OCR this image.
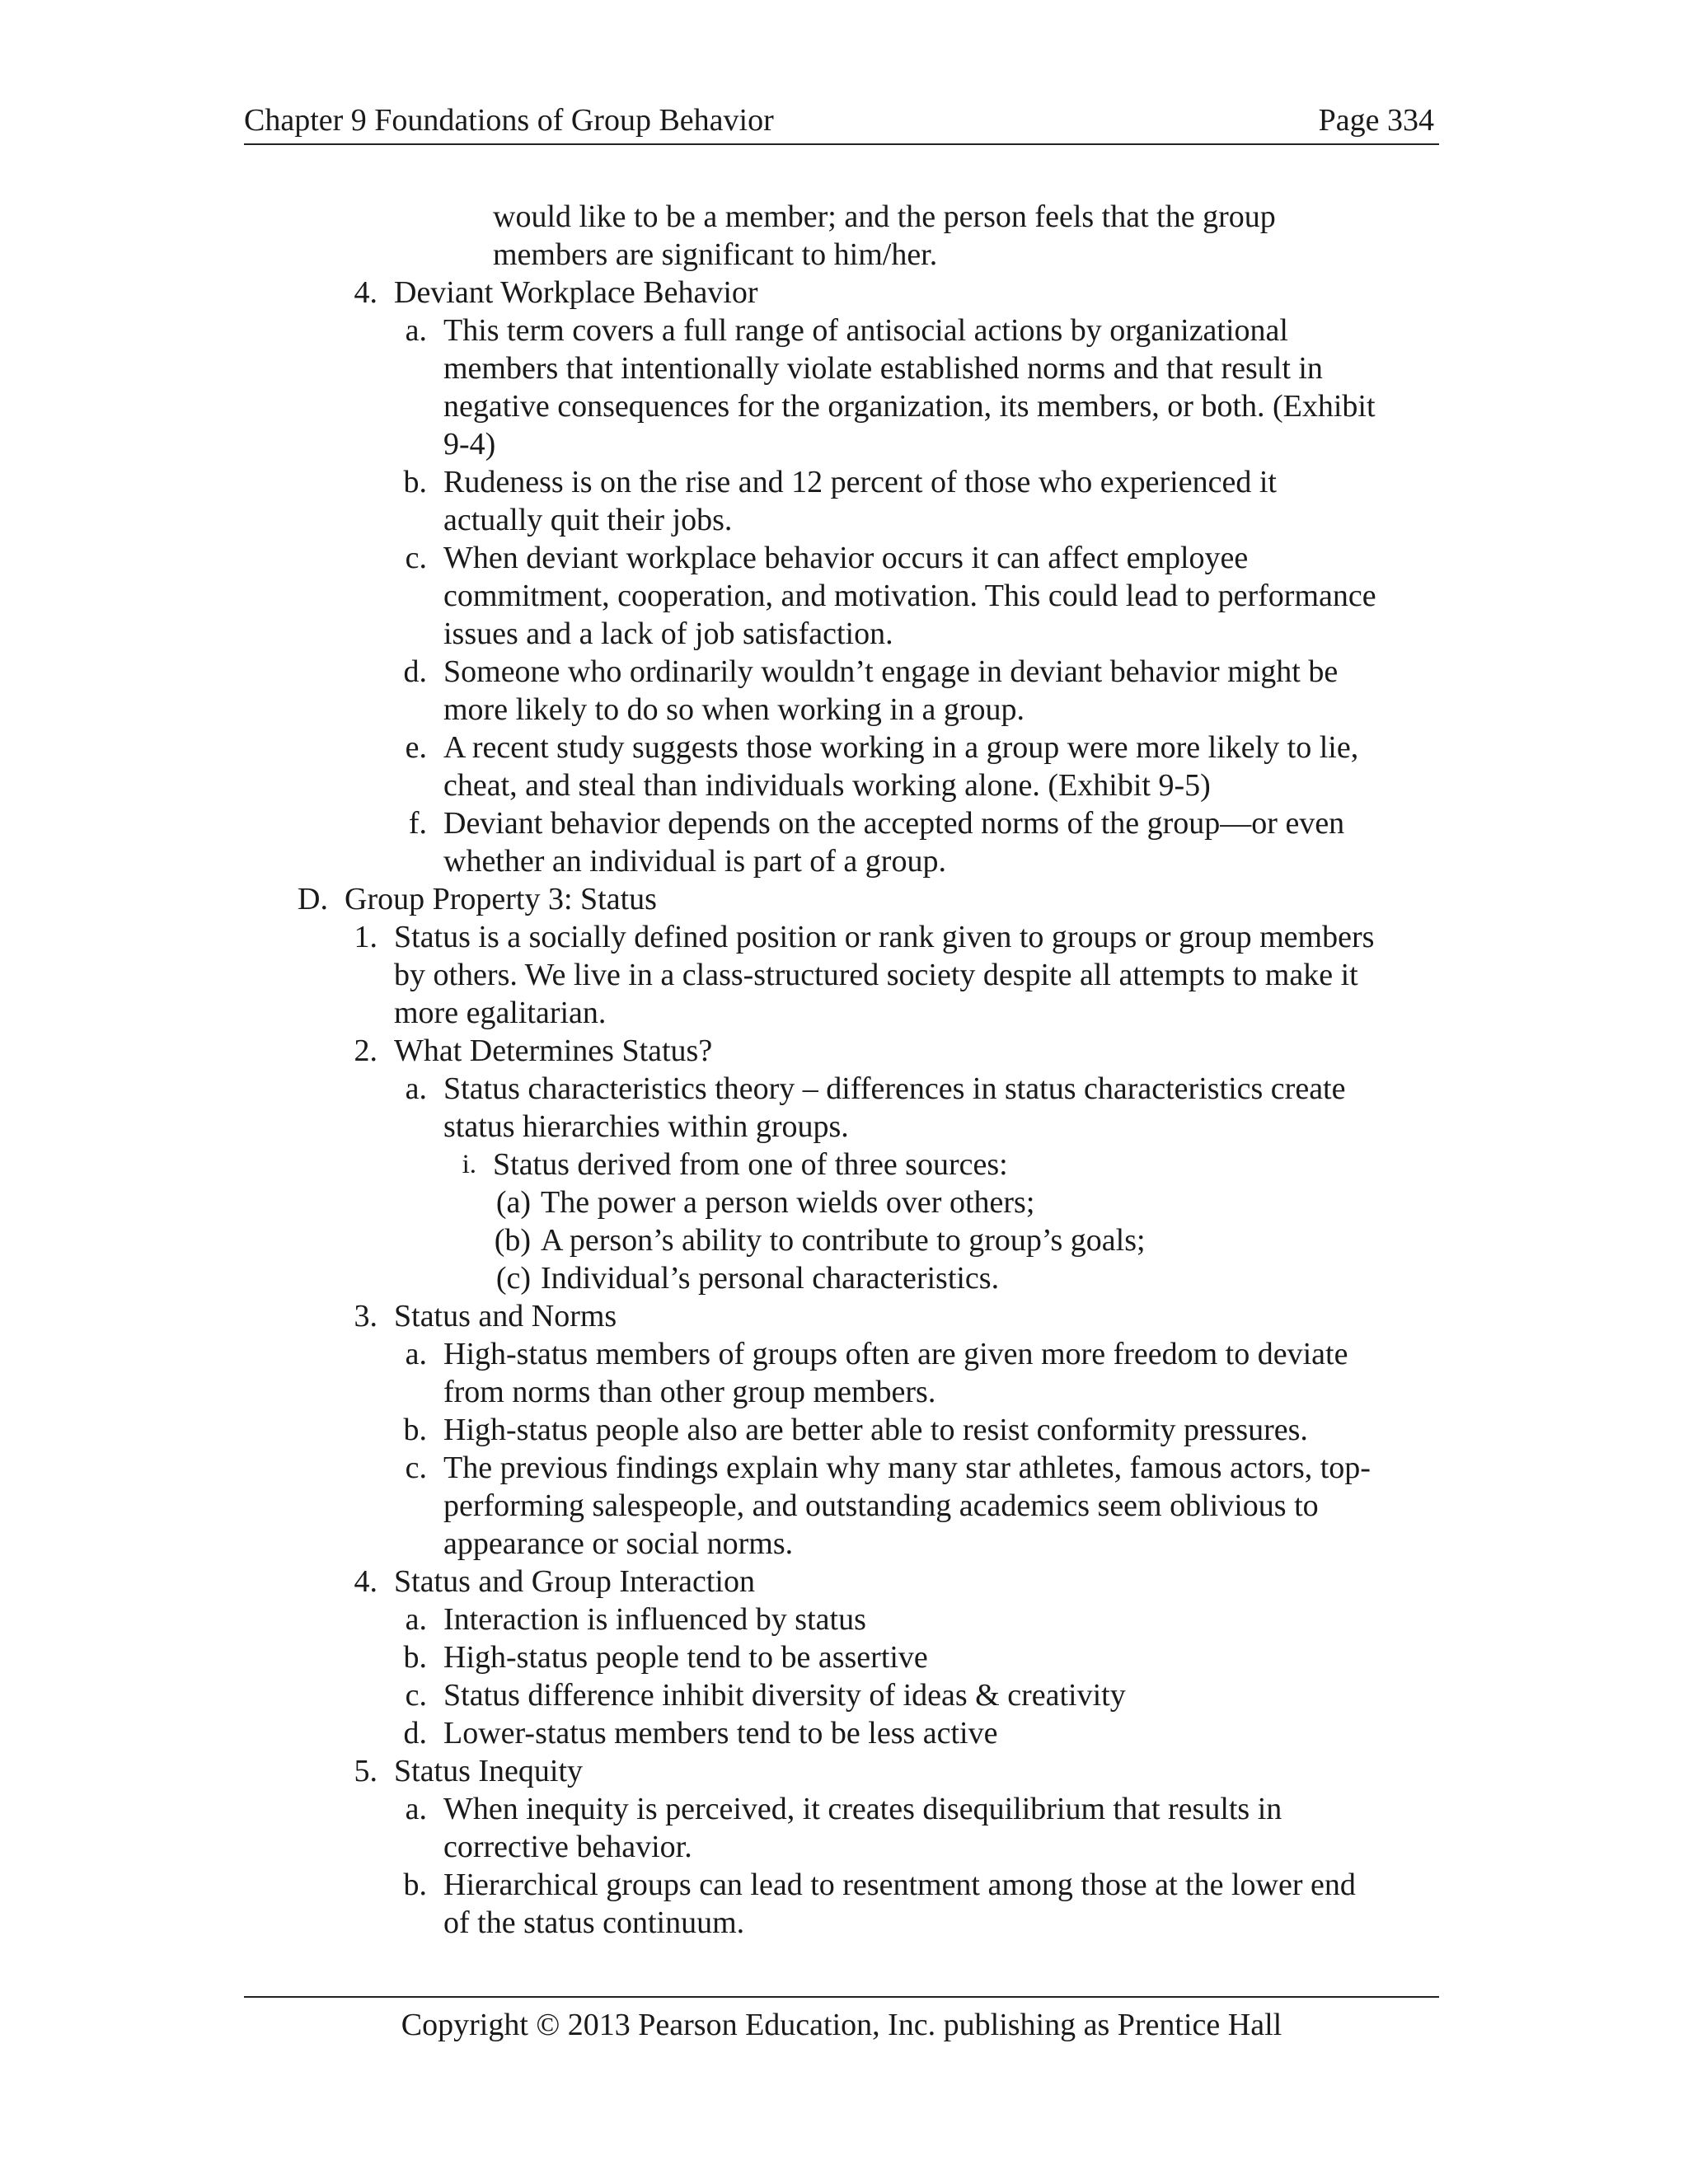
Chapter 9 Foundations of Group Behavior	Page 334
would like to be a member; and the person feels that the group
members are significant to him/her.
4. Deviant Workplace Behavior
a. This term covers a full range of antisocial actions by organizational
members that intentionally violate established norms and that result in
negative consequences for the organization, its members, or both. (Exhibit
9-4)
b. Rudeness is on the rise and 12 percent of those who experienced it
actually quit their jobs.
c. When deviant workplace behavior occurs it can affect employee
commitment, cooperation, and motivation. This could lead to performance
issues and a lack of job satisfaction.
d. Someone who ordinarily wouldn’t engage in deviant behavior might be
more likely to do so when working in a group.
e. A recent study suggests those working in a group were more likely to lie,
cheat, and steal than individuals working alone. (Exhibit 9-5)
f. Deviant behavior depends on the accepted norms of the group—or even
whether an individual is part of a group.
D. Group Property 3: Status
1. Status is a socially defined position or rank given to groups or group members
by others. We live in a class-structured society despite all attempts to make it
more egalitarian.
2. What Determines Status?
a. Status characteristics theory – differences in status characteristics create
status hierarchies within groups.
i. Status derived from one of three sources:
(a) The power a person wields over others;
(b) A person’s ability to contribute to group’s goals;
(c) Individual’s personal characteristics.
3. Status and Norms
a. High-status members of groups often are given more freedom to deviate
from norms than other group members.
b. High-status people also are better able to resist conformity pressures.
c. The previous findings explain why many star athletes, famous actors, top-
performing salespeople, and outstanding academics seem oblivious to
appearance or social norms.
4. Status and Group Interaction
a. Interaction is influenced by status
b. High-status people tend to be assertive
c. Status difference inhibit diversity of ideas & creativity
d. Lower-status members tend to be less active
5. Status Inequity
a. When inequity is perceived, it creates disequilibrium that results in
corrective behavior.
b. Hierarchical groups can lead to resentment among those at the lower end
of the status continuum.
Copyright © 2013 Pearson Education, Inc. publishing as Prentice Hall
